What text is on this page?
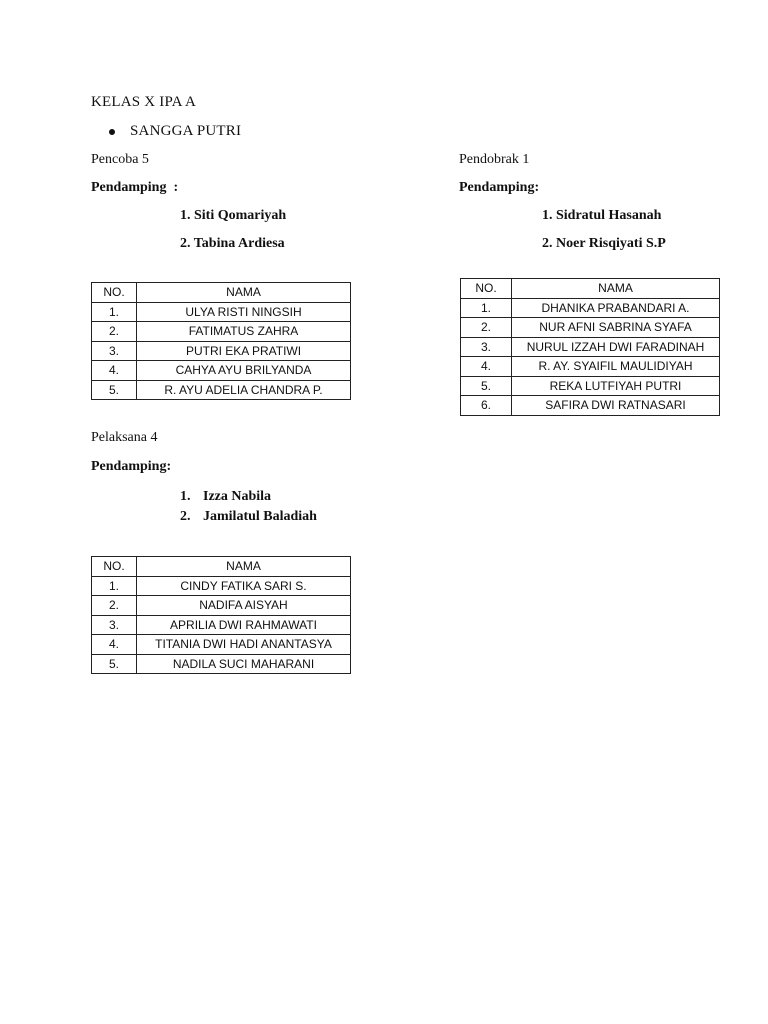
KELAS X IPA A
SANGGA PUTRI
Pencoba 5
Pendamping  :
1. Siti Qomariyah
2. Tabina Ardiesa
NO.	NAMA
1.	ULYA RISTI NINGSIH
2.	FATIMATUS ZAHRA
3.	PUTRI EKA PRATIWI
4.	CAHYA AYU BRILYANDA
5.	R. AYU ADELIA CHANDRA P.
Pendobrak 1
Pendamping:
1. Sidratul Hasanah
2. Noer Risqiyati S.P
NO.	NAMA
1.	DHANIKA PRABANDARI A.
2.	NUR AFNI SABRINA SYAFA
3.	NURUL IZZAH DWI FARADINAH
4.	R. AY. SYAIFIL MAULIDIYAH
5.	REKA LUTFIYAH PUTRI
6.	SAFIRA DWI RATNASARI
Pelaksana 4
Pendamping:
1. Izza Nabila
2. Jamilatul Baladiah
NO.	NAMA
1.	CINDY FATIKA SARI S.
2.	NADIFA AISYAH
3.	APRILIA DWI RAHMAWATI
4.	TITANIA DWI HADI ANANTASYA
5.	NADILA SUCI MAHARANI
